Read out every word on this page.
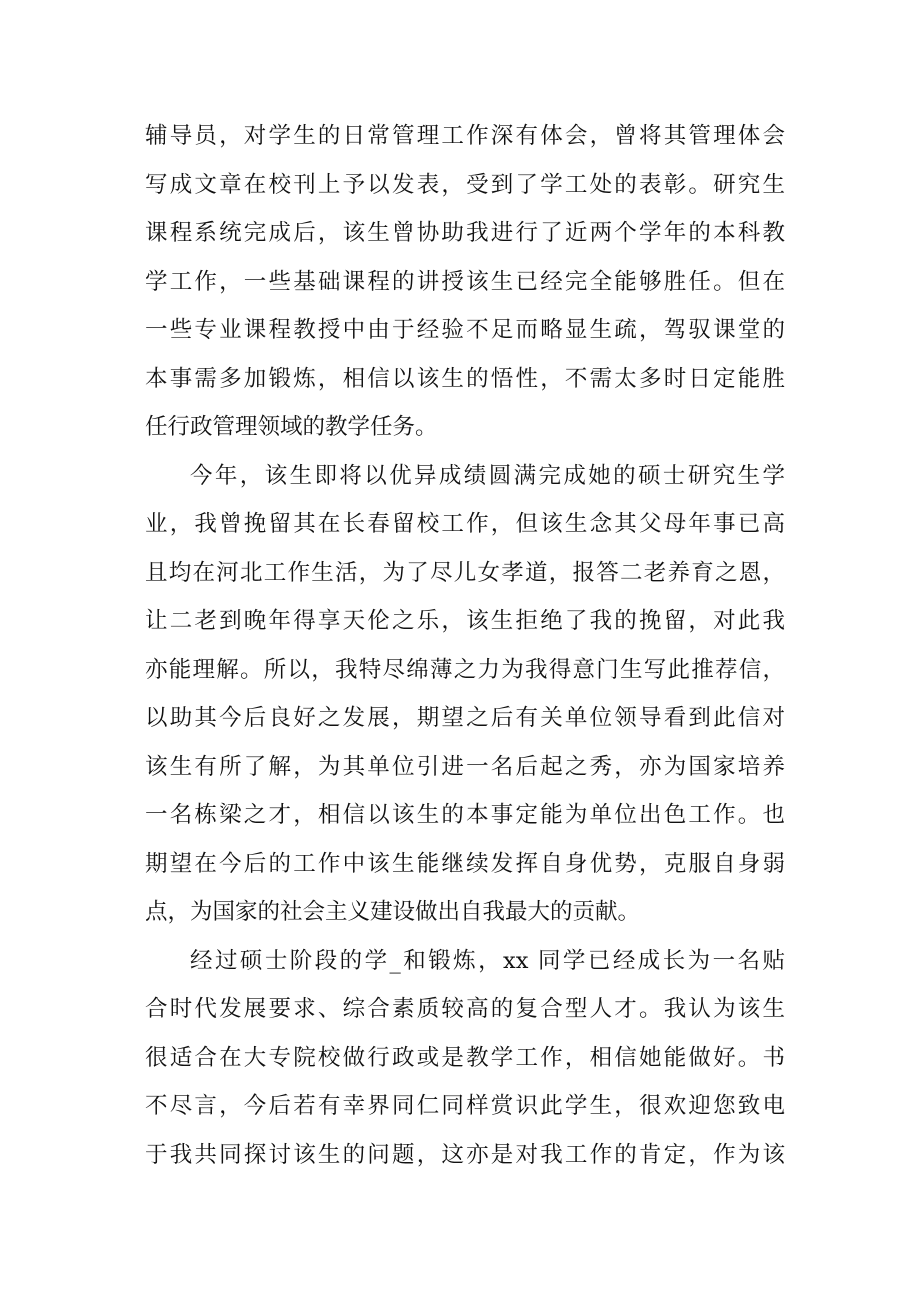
辅导员，对学生的日常管理工作深有体会，曾将其管理体会
写成文章在校刊上予以发表，受到了学工处的表彰。研究生
课程系统完成后，该生曾协助我进行了近两个学年的本科教
学工作，一些基础课程的讲授该生已经完全能够胜任。但在
一些专业课程教授中由于经验不足而略显生疏，驾驭课堂的
本事需多加锻炼，相信以该生的悟性，不需太多时日定能胜
任行政管理领域的教学任务。
今年，该生即将以优异成绩圆满完成她的硕士研究生学
业，我曾挽留其在长春留校工作，但该生念其父母年事已高
且均在河北工作生活，为了尽儿女孝道，报答二老养育之恩，
让二老到晚年得享天伦之乐，该生拒绝了我的挽留，对此我
亦能理解。所以，我特尽绵薄之力为我得意门生写此推荐信，
以助其今后良好之发展，期望之后有关单位领导看到此信对
该生有所了解，为其单位引进一名后起之秀，亦为国家培养
一名栋梁之才，相信以该生的本事定能为单位出色工作。也
期望在今后的工作中该生能继续发挥自身优势，克服自身弱
点，为国家的社会主义建设做出自我最大的贡献。
经过硕士阶段的学_和锻炼，xx 同学已经成长为一名贴
合时代发展要求、综合素质较高的复合型人才。我认为该生
很适合在大专院校做行政或是教学工作，相信她能做好。书
不尽言，今后若有幸界同仁同样赏识此学生，很欢迎您致电
于我共同探讨该生的问题，这亦是对我工作的肯定，作为该
